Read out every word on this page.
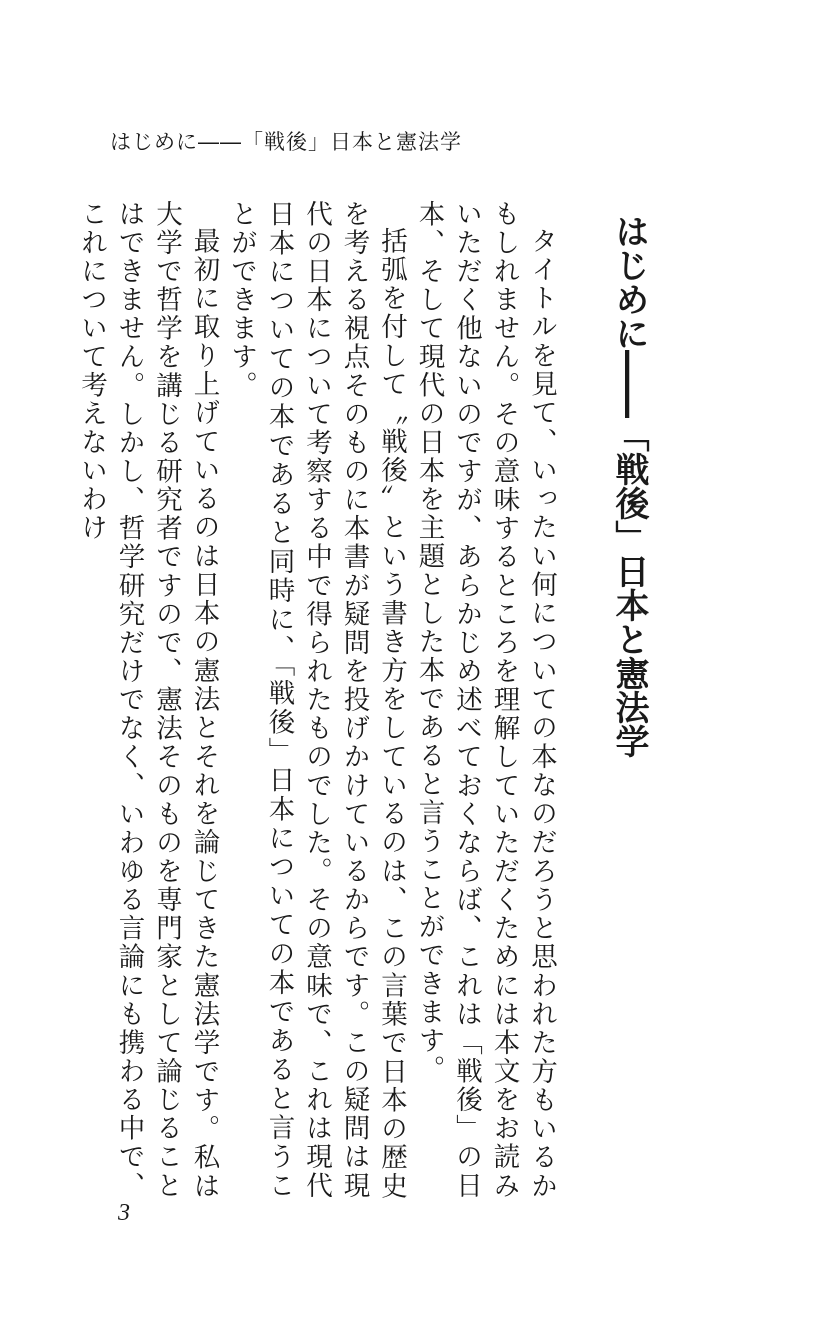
はじめに――「戦後」日本と憲法学
はじめに――「戦後」日本と憲法学

タイトルを見て、いったい何についての本なのだろうと思われた方もいるかもしれません。その意味するところを理解していただくためには本文をお読みいただく他ないのですが、あらかじめ述べておくならば、これは「戦後」の日本、そして現代の日本を主題とした本であると言うことができます。

括弧を付して〝戦後〟という書き方をしているのは、この言葉で日本の歴史を考える視点そのものに本書が疑問を投げかけているからです。この疑問は現代の日本について考察する中で得られたものでした。その意味で、これは現代日本についての本であると同時に、「戦後」日本についての本であると言うことができます。

最初に取り上げているのは日本の憲法とそれを論じてきた憲法学です。私は大学で哲学を講じる研究者ですので、憲法そのものを専門家として論じることはできません。しかし、哲学研究だけでなく、いわゆる言論にも携わる中で、これについて考えないわけ

3
